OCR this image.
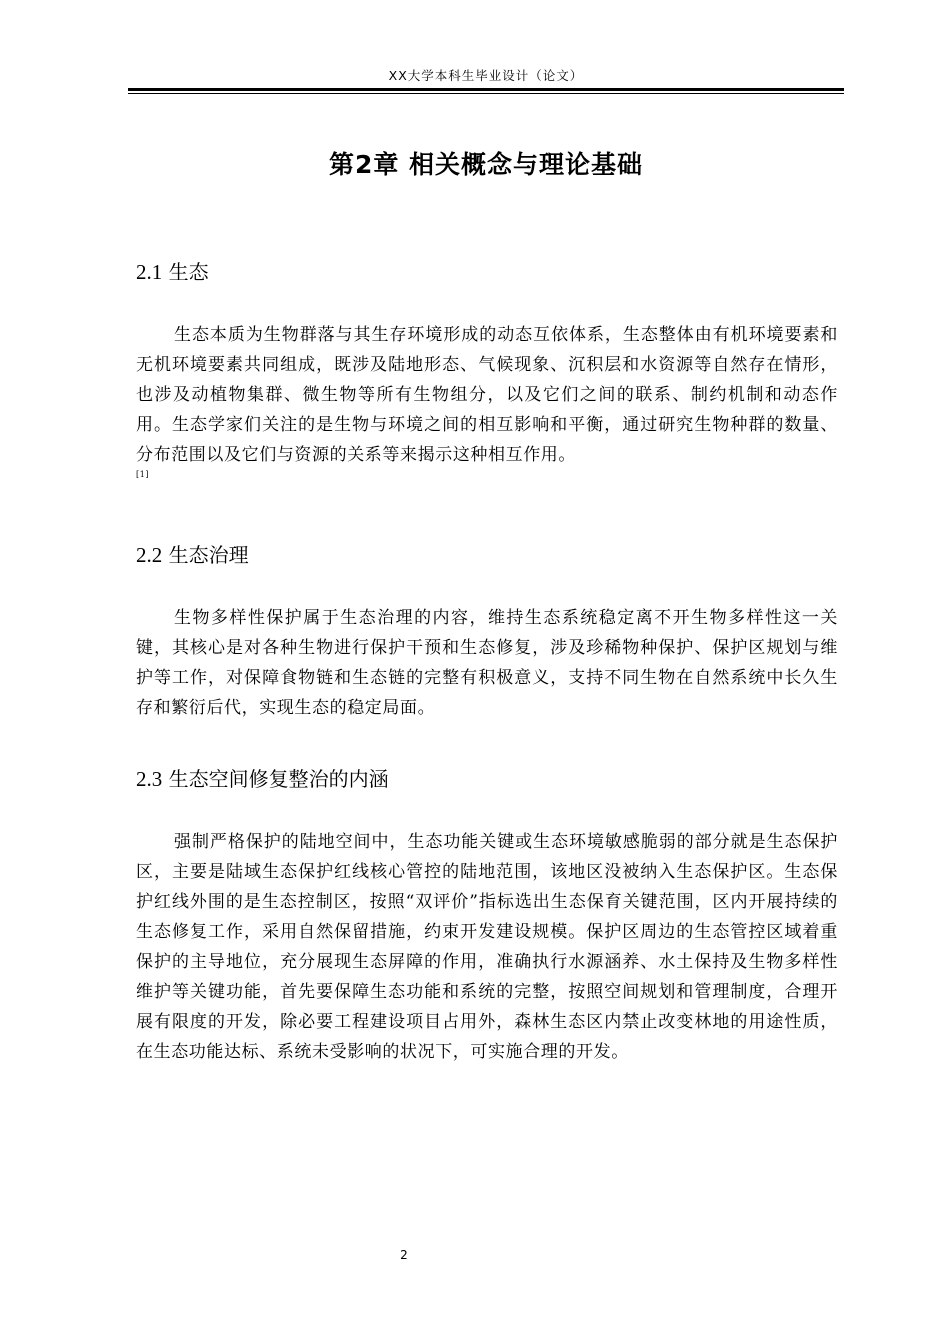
XX大学本科生毕业设计（论文）
第2章 相关概念与理论基础
2.1 生态

生态本质为生物群落与其生存环境形成的动态互依体系，生态整体由有机环境要素和无机环境要素共同组成，既涉及陆地形态、气候现象、沉积层和水资源等自然存在情形，也涉及动植物集群、微生物等所有生物组分，以及它们之间的联系、制约机制和动态作用。生态学家们关注的是生物与环境之间的相互影响和平衡，通过研究生物种群的数量、分布范围以及它们与资源的关系等来揭示这种相互作用。
[1]

2.2 生态治理

生物多样性保护属于生态治理的内容，维持生态系统稳定离不开生物多样性这一关键，其核心是对各种生物进行保护干预和生态修复，涉及珍稀物种保护、保护区规划与维护等工作，对保障食物链和生态链的完整有积极意义，支持不同生物在自然系统中长久生存和繁衍后代，实现生态的稳定局面。

2.3 生态空间修复整治的内涵

强制严格保护的陆地空间中，生态功能关键或生态环境敏感脆弱的部分就是生态保护区，主要是陆域生态保护红线核心管控的陆地范围，该地区没被纳入生态保护区。生态保护红线外围的是生态控制区，按照“双评价”指标选出生态保育关键范围，区内开展持续的生态修复工作，采用自然保留措施，约束开发建设规模。保护区周边的生态管控区域着重保护的主导地位，充分展现生态屏障的作用，准确执行水源涵养、水土保持及生物多样性维护等关键功能，首先要保障生态功能和系统的完整，按照空间规划和管理制度，合理开展有限度的开发，除必要工程建设项目占用外，森林生态区内禁止改变林地的用途性质，在生态功能达标、系统未受影响的状况下，可实施合理的开发。

2
